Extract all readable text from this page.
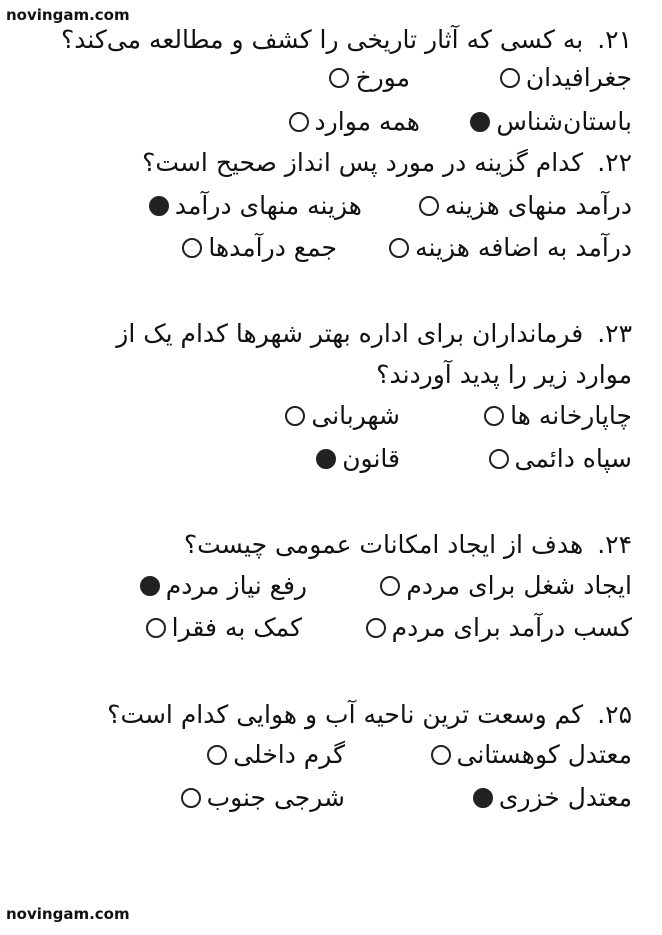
novingam.com
۲۱.به کسی که آثار تاریخی را کشف و مطالعه می‌کند؟
جغرافیدان
مورخ
باستان‌شناس
همه موارد
۲۲.کدام گزینه در مورد پس انداز صحیح است؟
درآمد منهای هزینه
هزینه منهای درآمد
درآمد به اضافه هزینه
جمع درآمدها
۲۳.فرمانداران برای اداره بهتر شهرها کدام یک از
موارد زیر را پدید آوردند؟
چاپارخانه ها
شهربانی
سپاه دائمی
قانون
۲۴.هدف از ایجاد امکانات عمومی چیست؟
ایجاد شغل برای مردم
رفع نیاز مردم
کسب درآمد برای مردم
کمک به فقرا
۲۵.کم وسعت ترین ناحیه آب و هوایی کدام است؟
معتدل کوهستانی
گرم داخلی
معتدل خزری
شرجی جنوب
novingam.com
